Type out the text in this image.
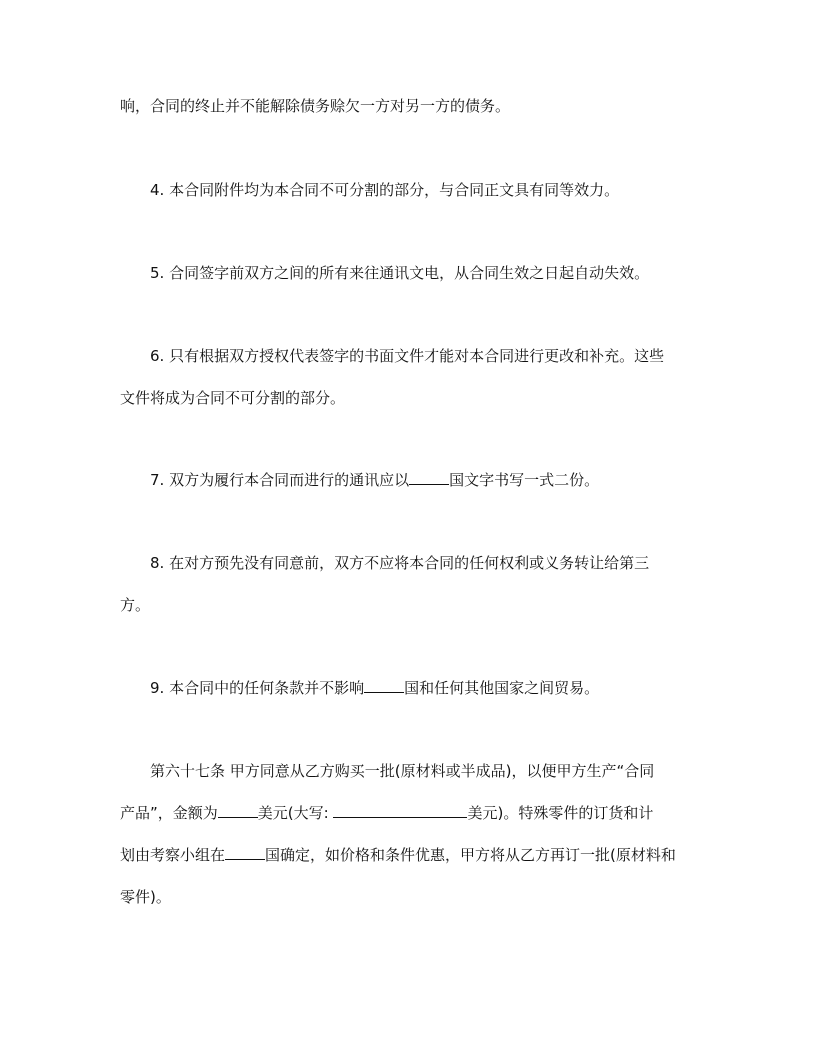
响，合同的终止并不能解除债务赊欠一方对另一方的债务。
4. 本合同附件均为本合同不可分割的部分，与合同正文具有同等效力。
5. 合同签字前双方之间的所有来往通讯文电，从合同生效之日起自动失效。
6. 只有根据双方授权代表签字的书面文件才能对本合同进行更改和补充。这些
文件将成为合同不可分割的部分。
7. 双方为履行本合同而进行的通讯应以	国文字书写一式二份。
8. 在对方预先没有同意前，双方不应将本合同的任何权利或义务转让给第三
方。
9. 本合同中的任何条款并不影响	国和任何其他国家之间贸易。
第六十七条 甲方同意从乙方购买一批(原材料或半成品)，以便甲方生产“合同
产品”，金额为	美元(大写:	美元)。特殊零件的订货和计
划由考察小组在	国确定，如价格和条件优惠，甲方将从乙方再订一批(原材料和
零件)。
